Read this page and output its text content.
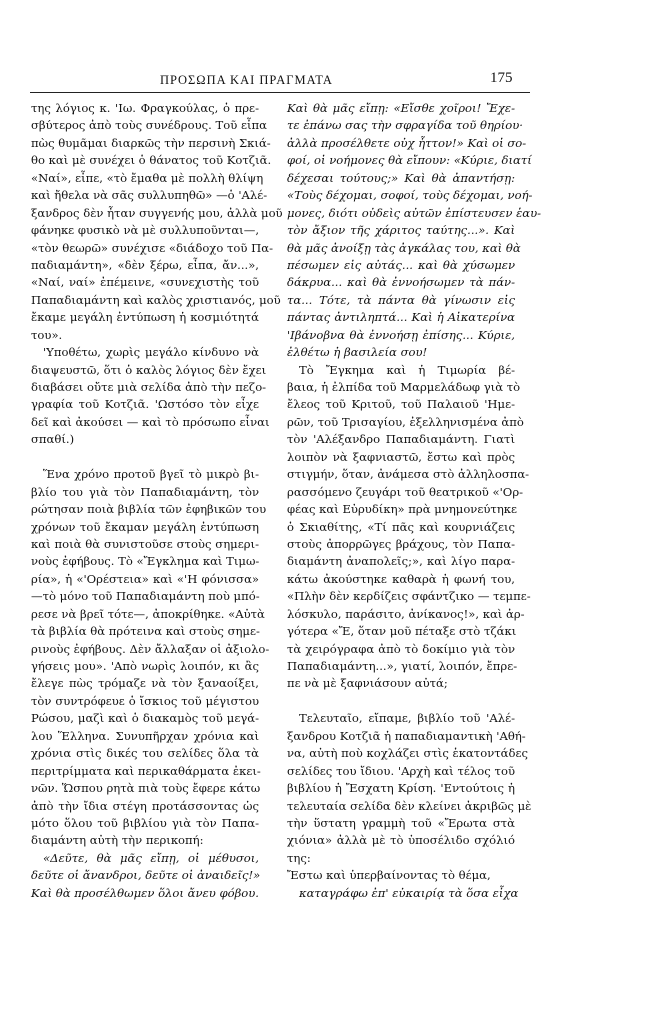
ΠΡΟΣΩΠΑ ΚΑΙ ΠΡΑΓΜΑΤΑ	175
της λόγιος κ. 'Ιω. Φραγκούλας, ὁ πρε-
σβύτερος ἀπὸ τοὺς συνέδρους. Τοῦ εἶπα
πὼς θυμᾶμαι διαρκῶς τὴν περσινὴ Σκιά-
θο καὶ μὲ συνέχει ὁ θάνατος τοῦ Κοτζιᾶ.
«Ναί», εἶπε, «τὸ ἔμαθα μὲ πολλὴ θλίψη
καὶ ἤθελα νὰ σᾶς συλλυπηθῶ» —ὁ 'Αλέ-
ξανδρος δὲν ἦταν συγγενής μου, ἀλλὰ μοῦ
φάνηκε φυσικὸ νὰ μὲ συλλυποῦνται—,
«τὸν θεωρῶ» συνέχισε «διάδοχο τοῦ Πα-
παδιαμάντη», «δὲν ξέρω, εἶπα, ἄν...»,
«Ναί, ναί» ἐπέμεινε, «συνεχιστὴς τοῦ
Παπαδιαμάντη καὶ καλὸς χριστιανός, μοῦ
ἔκαμε μεγάλη ἐντύπωση ἡ κοσμιότητά
του».
'Υποθέτω, χωρὶς μεγάλο κίνδυνο νὰ
διαψευστῶ, ὅτι ὁ καλὸς λόγιος δὲν ἔχει
διαβάσει οὔτε μιὰ σελίδα ἀπὸ τὴν πεζο-
γραφία τοῦ Κοτζιᾶ. 'Ωστόσο τὸν εἶχε
δεῖ καὶ ἀκούσει — καὶ τὸ πρόσωπο εἶναι
σπαθί.)
Ἕνα χρόνο προτοῦ βγεῖ τὸ μικρὸ βι-
βλίο του γιὰ τὸν Παπαδιαμάντη, τὸν
ρώτησαν ποιὰ βιβλία τῶν ἐφηβικῶν του
χρόνων τοῦ ἔκαμαν μεγάλη ἐντύπωση
καὶ ποιὰ θὰ συνιστοῦσε στοὺς σημερι-
νοὺς ἐφήβους. Τὸ «Ἔγκλημα καὶ Τιμω-
ρία», ἡ «'Ορέστεια» καὶ «'Η φόνισσα»
—τὸ μόνο τοῦ Παπαδιαμάντη ποὺ μπό-
ρεσε νὰ βρεῖ τότε—, ἀποκρίθηκε. «Αὐτὰ
τὰ βιβλία θὰ πρότεινα καὶ στοὺς σημε-
ρινοὺς ἐφήβους. Δὲν ἄλλαξαν οἱ ἀξιολο-
γήσεις μου». 'Απὸ νωρὶς λοιπόν, κι ἂς
ἔλεγε πὼς τρόμαζε νὰ τὸν ξαναοίξει,
τὸν συντρόφευε ὁ ἴσκιος τοῦ μέγιστου
Ρώσου, μαζὶ καὶ ὁ διακαμὸς τοῦ μεγά-
λου Ἕλληνα. Συνυπῆρχαν χρόνια καὶ
χρόνια στὶς δικές του σελίδες ὅλα τὰ
περιτρίμματα καὶ περικαθάρματα ἐκει-
νῶν. Ὥσπου ρητὰ πιὰ τοὺς ἔφερε κάτω
ἀπὸ τὴν ἴδια στέγη προτάσσοντας ὡς
μότο ὅλου τοῦ βιβλίου γιὰ τὸν Παπα-
διαμάντη αὐτὴ τὴν περικοπή:
«Δεῦτε, θὰ μᾶς εἴπῃ, οἱ μέθυσοι,
δεῦτε οἱ ἄνανδροι, δεῦτε οἱ ἀναιδεῖς!»
Καὶ θὰ προσέλθωμεν ὅλοι ἄνευ φόβου.
Καὶ θὰ μᾶς εἴπῃ: «Εἴσθε χοῖροι! Ἔχε-
τε ἐπάνω σας τὴν σφραγίδα τοῦ θηρίου·
ἀλλὰ προσέλθετε οὐχ ἧττον!» Καὶ οἱ σο-
φοί, οἱ νοήμονες θὰ εἴπουν: «Κύριε, διατί
δέχεσαι τούτους;» Καὶ θὰ ἀπαντήσῃ:
«Τοὺς δέχομαι, σοφοί, τοὺς δέχομαι, νοή-
μονες, διότι οὐδεὶς αὐτῶν ἐπίστευσεν ἑαυ-
τὸν ἄξιον τῆς χάριτος ταύτης...». Καὶ
θὰ μᾶς ἀνοίξῃ τὰς ἀγκάλας του, καὶ θὰ
πέσωμεν εἰς αὐτάς... καὶ θὰ χύσωμεν
δάκρυα... καὶ θὰ ἐννοήσωμεν τὰ πάν-
τα... Τότε, τὰ πάντα θὰ γίνωσιν εἰς
πάντας ἀντιληπτά... Καὶ ἡ Αἰκατερίνα
'Ιβάνοβνα θὰ ἐννοήσῃ ἐπίσης... Κύριε,
ἐλθέτω ἡ βασιλεία σου!
Τὸ Ἔγκημα καὶ ἡ Τιμωρία βέ-
βαια, ἡ ἐλπίδα τοῦ Μαρμελάδωφ γιὰ τὸ
ἔλεος τοῦ Κριτοῦ, τοῦ Παλαιοῦ 'Ημε-
ρῶν, τοῦ Τρισαγίου, ἐξελληνισμένα ἀπὸ
τὸν 'Αλέξανδρο Παπαδιαμάντη. Γιατὶ
λοιπὸν νὰ ξαφνιαστῶ, ἔστω καὶ πρὸς
στιγμήν, ὅταν, ἀνάμεσα στὸ ἀλληλοσπα-
ρασσόμενο ζευγάρι τοῦ θεατρικοῦ «'Ορ-
φέας καὶ Εὐρυδίκη» πρὰ μνημονεύτηκε
ὁ Σκιαθίτης, «Τί πᾶς καὶ κουρνιάζεις
στοὺς ἀπορρῶγες βράχους, τὸν Παπα-
διαμάντη ἀναπολεῖς;», καὶ λίγο παρα-
κάτω ἀκούστηκε καθαρὰ ἡ φωνή του,
«Πλὴν δὲν κερδίζεις σφάντζικο — τεμπε-
λόσκυλο, παράσιτο, ἀνίκανος!», καὶ ἀρ-
γότερα «Ἔ, ὅταν μοῦ πέταξε στὸ τζάκι
τὰ χειρόγραφα ἀπὸ τὸ δοκίμιο γιὰ τὸν
Παπαδιαμάντη...», γιατί, λοιπόν, ἔπρε-
πε νὰ μὲ ξαφνιάσουν αὐτά;
Τελευταῖο, εἴπαμε, βιβλίο τοῦ 'Αλέ-
ξανδρου Κοτζιᾶ ἡ παπαδιαμαντικὴ 'Αθή-
να, αὐτὴ ποὺ κοχλάζει στὶς ἑκατοντάδες
σελίδες του ἴδιου. 'Αρχὴ καὶ τέλος τοῦ
βιβλίου ἡ Ἔσχατη Κρίση. 'Εντούτοις ἡ
τελευταία σελίδα δὲν κλείνει ἀκριβῶς μὲ
τὴν ὕστατη γραμμὴ τοῦ «Ἔρωτα στὰ
χιόνια» ἀλλὰ μὲ τὸ ὑποσέλιδο σχόλιό
της:
Ἔστω καὶ ὑπερβαίνοντας τὸ θέμα,
καταγράφω ἐπ' εὐκαιρίᾳ τὰ ὅσα εἶχα
